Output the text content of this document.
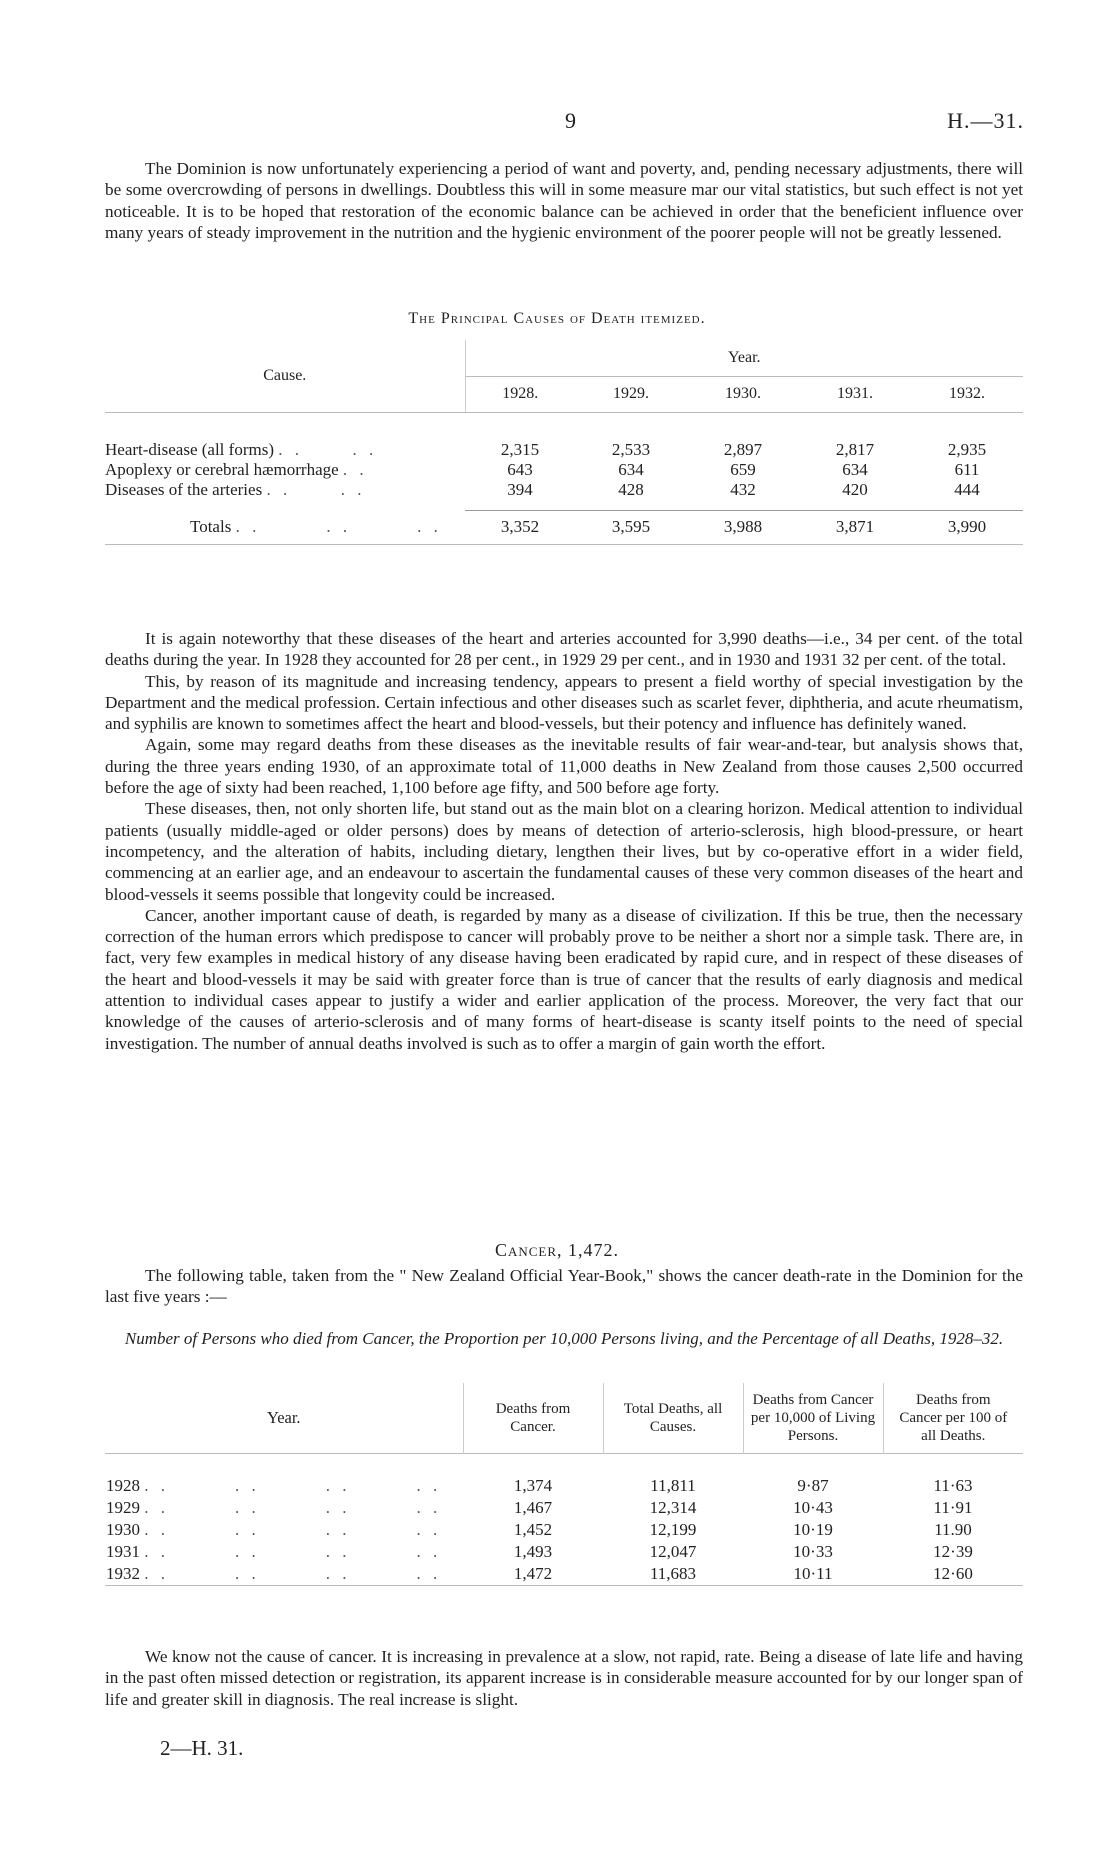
9	H.—31.

The Dominion is now unfortunately experiencing a period of want and poverty, and, pending necessary adjustments, there will be some overcrowding of persons in dwellings. Doubtless this will in some measure mar our vital statistics, but such effect is not yet noticeable. It is to be hoped that restoration of the economic balance can be achieved in order that the beneficient influence over many years of steady improvement in the nutrition and the hygienic environment of the poorer people will not be greatly lessened.

The Principal Causes of Death itemized.
Cause.	Year.				
	1928.	1929.	1930.	1931.	1932.

Heart-disease (all forms) . .      . .	2,315	2,533	2,897	2,817	2,935
Apoplexy or cerebral hæmorrhage . .	643	634	659	634	611
Diseases of the arteries . .      . .	394	428	432	420	444

Totals . .        . .        . .	3,352	3,595	3,988	3,871	3,990

It is again noteworthy that these diseases of the heart and arteries accounted for 3,990 deaths—i.e., 34 per cent. of the total deaths during the year. In 1928 they accounted for 28 per cent., in 1929 29 per cent., and in 1930 and 1931 32 per cent. of the total.

This, by reason of its magnitude and increasing tendency, appears to present a field worthy of special investigation by the Department and the medical profession. Certain infectious and other diseases such as scarlet fever, diphtheria, and acute rheumatism, and syphilis are known to sometimes affect the heart and blood-vessels, but their potency and influence has definitely waned.

Again, some may regard deaths from these diseases as the inevitable results of fair wear-and-tear, but analysis shows that, during the three years ending 1930, of an approximate total of 11,000 deaths in New Zealand from those causes 2,500 occurred before the age of sixty had been reached, 1,100 before age fifty, and 500 before age forty.

These diseases, then, not only shorten life, but stand out as the main blot on a clearing horizon. Medical attention to individual patients (usually middle-aged or older persons) does by means of detection of arterio-sclerosis, high blood-pressure, or heart incompetency, and the alteration of habits, including dietary, lengthen their lives, but by co-operative effort in a wider field, commencing at an earlier age, and an endeavour to ascertain the fundamental causes of these very common diseases of the heart and blood-vessels it seems possible that longevity could be increased.

Cancer, another important cause of death, is regarded by many as a disease of civilization. If this be true, then the necessary correction of the human errors which predispose to cancer will probably prove to be neither a short nor a simple task. There are, in fact, very few examples in medical history of any disease having been eradicated by rapid cure, and in respect of these diseases of the heart and blood-vessels it may be said with greater force than is true of cancer that the results of early diagnosis and medical attention to individual cases appear to justify a wider and earlier application of the process. Moreover, the very fact that our knowledge of the causes of arterio-sclerosis and of many forms of heart-disease is scanty itself points to the need of special investigation. The number of annual deaths involved is such as to offer a margin of gain worth the effort.

Cancer, 1,472.

The following table, taken from the " New Zealand Official Year-Book," shows the cancer death-rate in the Dominion for the last five years :—

Number of Persons who died from Cancer, the Proportion per 10,000 Persons living, and the Percentage of all Deaths, 1928–32.
Year.	Deaths from Cancer.	Total Deaths, all Causes.	Deaths from Cancer per 10,000 of Living Persons.	Deaths from Cancer per 100 of all Deaths.

1928 . .        . .        . .        . .	1,374	11,811	9·87	11·63
1929 . .        . .        . .        . .	1,467	12,314	10·43	11·91
1930 . .        . .        . .        . .	1,452	12,199	10·19	11.90
1931 . .        . .        . .        . .	1,493	12,047	10·33	12·39
1932 . .        . .        . .        . .	1,472	11,683	10·11	12·60

We know not the cause of cancer. It is increasing in prevalence at a slow, not rapid, rate. Being a disease of late life and having in the past often missed detection or registration, its apparent increase is in considerable measure accounted for by our longer span of life and greater skill in diagnosis. The real increase is slight.

2—H. 31.
